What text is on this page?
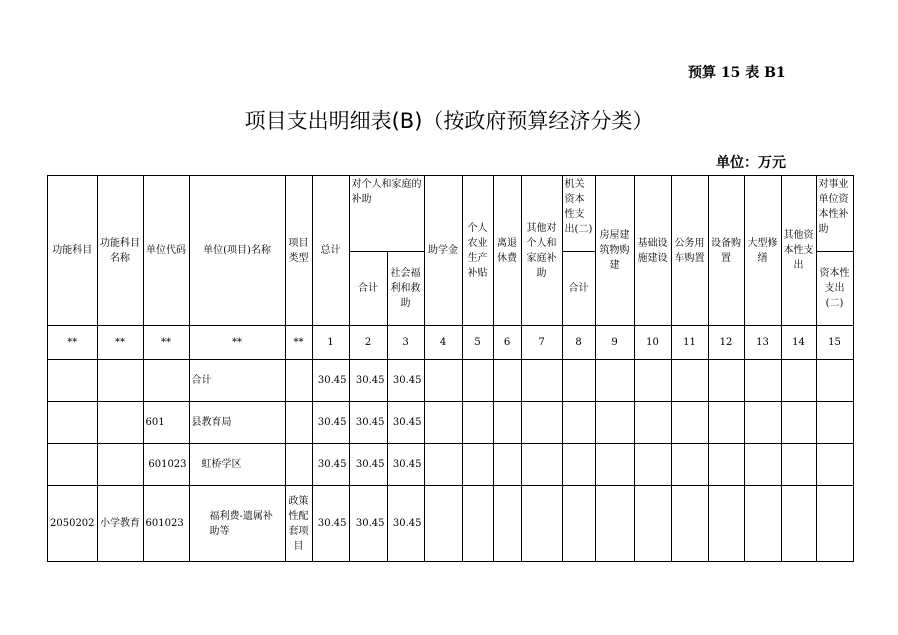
预算 15 表 B1
项目支出明细表(B)（按政府预算经济分类）
单位：万元
功能科目	功能科目名称	单位代码	单位(项目)名称	项目类型	总计	对个人和家庭的补助		助学金	个人农业生产补贴	离退休费	其他对个人和家庭补助	机关资本性支出(二)	房屋建筑物购建	基础设施建设	公务用车购置	设备购置	大型修缮	其他资本性支出	对事业单位资本性补助
						合计	社会福利和救助					合计							资本性支出(二)
**	**	**	**	**	1	2	3	4	5	6	7	8	9	10	11	12	13	14	15
			合计		30.45	30.45	30.45												
		601	县教育局		30.45	30.45	30.45												
		601023	虹桥学区		30.45	30.45	30.45												
2050202	小学教育	601023	福利费-遗属补助等	政策性配套项目	30.45	30.45	30.45												
